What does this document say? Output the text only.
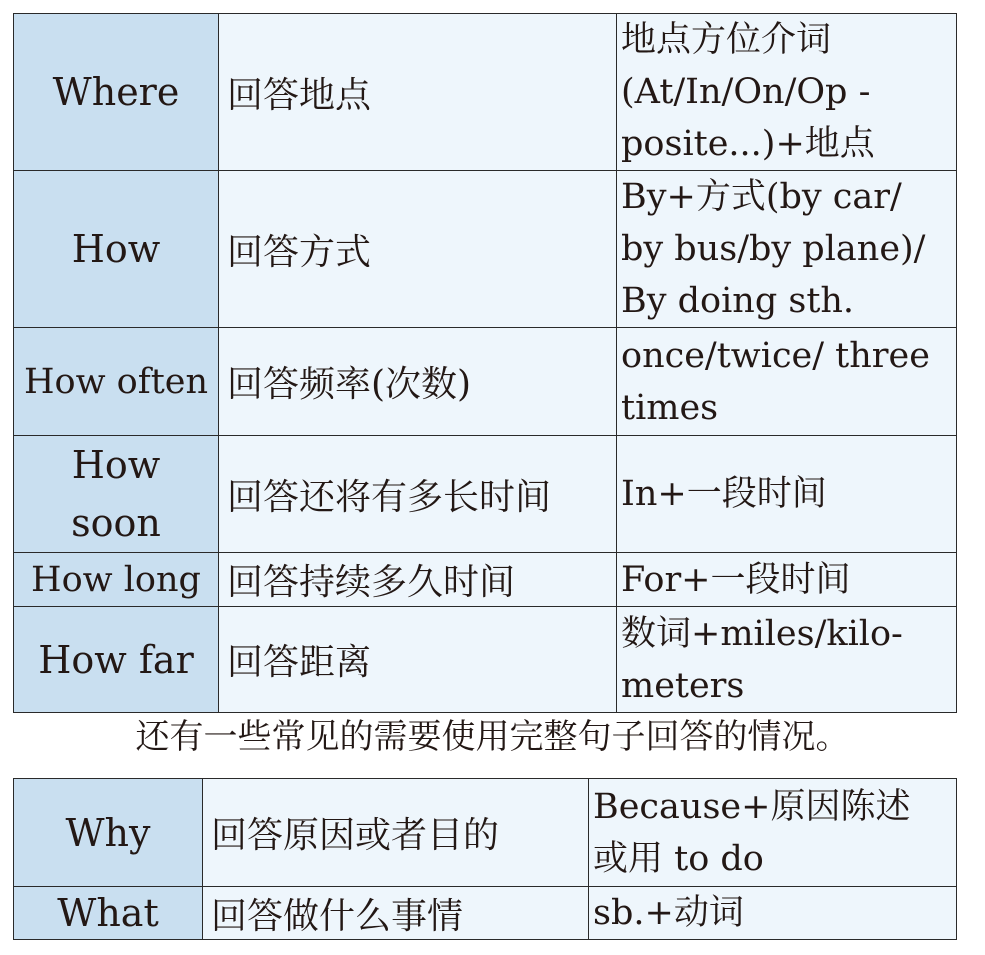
Where	回答地点	地点方位介词
(At/In/On/Op -
posite...)+地点

How	回答方式	By+方式(by car/
by bus/by plane)/
By doing sth.

How often	回答频率(次数)	once/twice/ three
times

How soon	回答还将有多长时间	In+一段时间

How long	回答持续多久时间	For+一段时间

How far	回答距离	数词+miles/kilo-
meters
还有一些常见的需要使用完整句子回答的情况。
Why	回答原因或者目的	Because+原因陈述
或用 to do

What	回答做什么事情	sb.+动词
